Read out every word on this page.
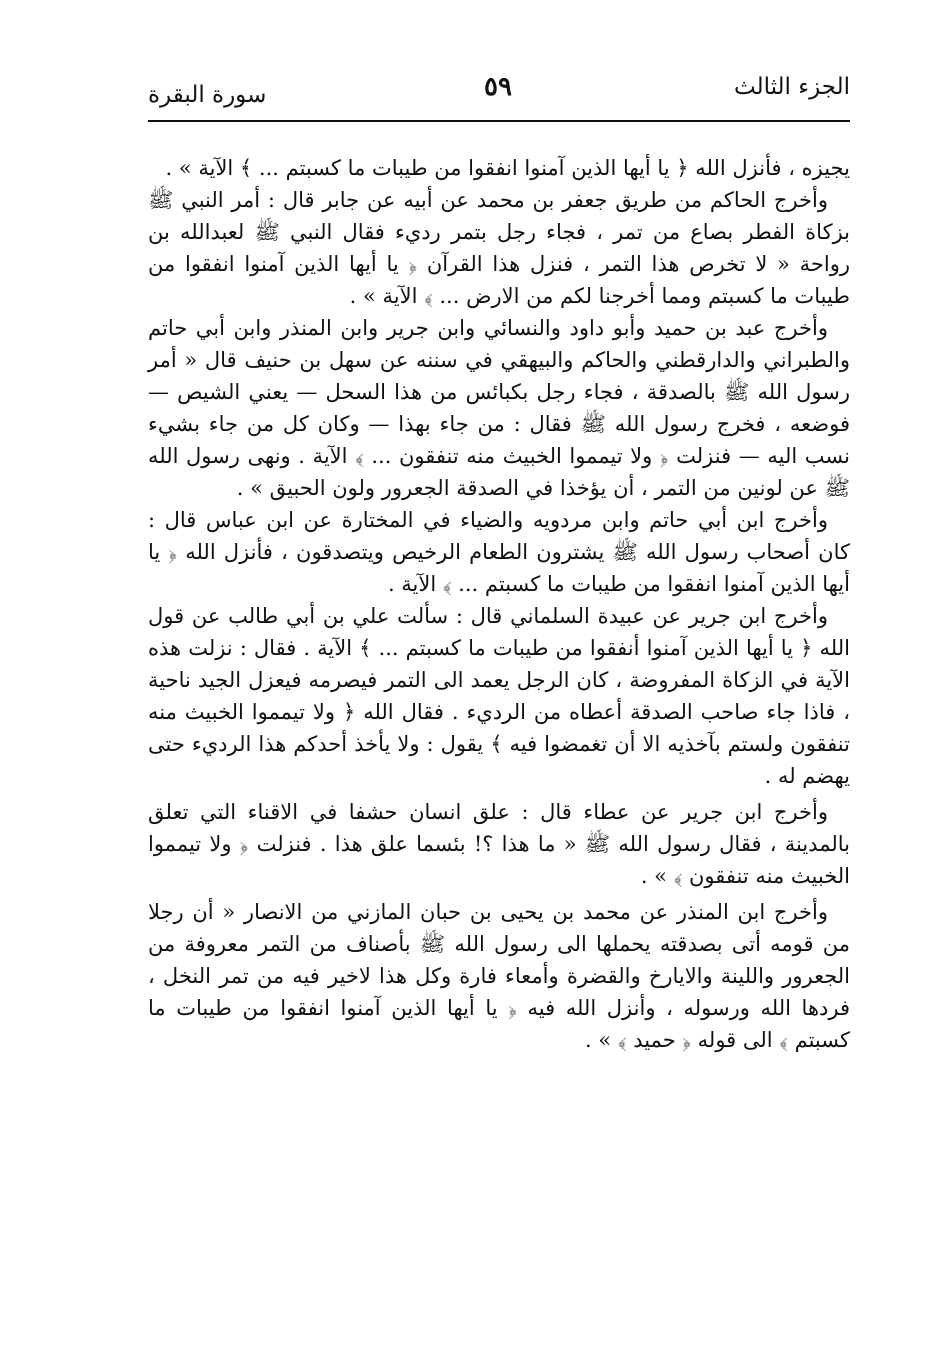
الجزء الثالث
٥٩
سورة البقرة

يجيزه ، فأنزل الله ﴿ يا أيها الذين آمنوا انفقوا من طيبات ما كسبتم ... ﴾ الآية » .

وأخرج الحاكم من طريق جعفر بن محمد عن أبيه عن جابر قال : أمر النبي ﷺ بزكاة الفطر بصاع من تمر ، فجاء رجل بتمر رديء فقال النبي ﷺ لعبدالله بن رواحة « لا تخرص هذا التمر ، فنزل هذا القرآن ﴿ يا أيها الذين آمنوا انفقوا من طيبات ما كسبتم ومما أخرجنا لكم من الارض ... ﴾ الآية » .

وأخرج عبد بن حميد وأبو داود والنسائي وابن جرير وابن المنذر وابن أبي حاتم والطبراني والدارقطني والحاكم والبيهقي في سننه عن سهل بن حنيف قال « أمر رسول الله ﷺ بالصدقة ، فجاء رجل بكبائس من هذا السحل — يعني الشيص — فوضعه ، فخرج رسول الله ﷺ فقال : من جاء بهذا — وكان كل من جاء بشيء نسب اليه — فنزلت ﴿ ولا تيمموا الخبيث منه تنفقون ... ﴾ الآية . ونهى رسول الله ﷺ عن لونين من التمر ، أن يؤخذا في الصدقة الجعرور ولون الحبيق » .

وأخرج ابن أبي حاتم وابن مردويه والضياء في المختارة عن ابن عباس قال : كان أصحاب رسول الله ﷺ يشترون الطعام الرخيص ويتصدقون ، فأنزل الله ﴿ يا أيها الذين آمنوا انفقوا من طيبات ما كسبتم ... ﴾ الآية .

وأخرج ابن جرير عن عبيدة السلماني قال : سألت علي بن أبي طالب عن قول الله ﴿ يا أيها الذين آمنوا أنفقوا من طيبات ما كسبتم ... ﴾ الآية . فقال : نزلت هذه الآية في الزكاة المفروضة ، كان الرجل يعمد الى التمر فيصرمه فيعزل الجيد ناحية ، فاذا جاء صاحب الصدقة أعطاه من الرديء . فقال الله ﴿ ولا تيمموا الخبيث منه تنفقون ولستم بآخذيه الا أن تغمضوا فيه ﴾ يقول : ولا يأخذ أحدكم هذا الرديء حتى يهضم له .

وأخرج ابن جرير عن عطاء قال : علق انسان حشفا في الاقناء التي تعلق بالمدينة ، فقال رسول الله ﷺ « ما هذا ؟! بئسما علق هذا . فنزلت ﴿ ولا تيمموا الخبيث منه تنفقون ﴾ » .

وأخرج ابن المنذر عن محمد بن يحيى بن حبان المازني من الانصار « أن رجلا من قومه أتى بصدقته يحملها الى رسول الله ﷺ بأصناف من التمر معروفة من الجعرور واللينة والايارخ والقضرة وأمعاء فارة وكل هذا لاخير فيه من تمر النخل ، فردها الله ورسوله ، وأنزل الله فيه ﴿ يا أيها الذين آمنوا انفقوا من طيبات ما كسبتم ﴾ الى قوله ﴿ حميد ﴾ » .
